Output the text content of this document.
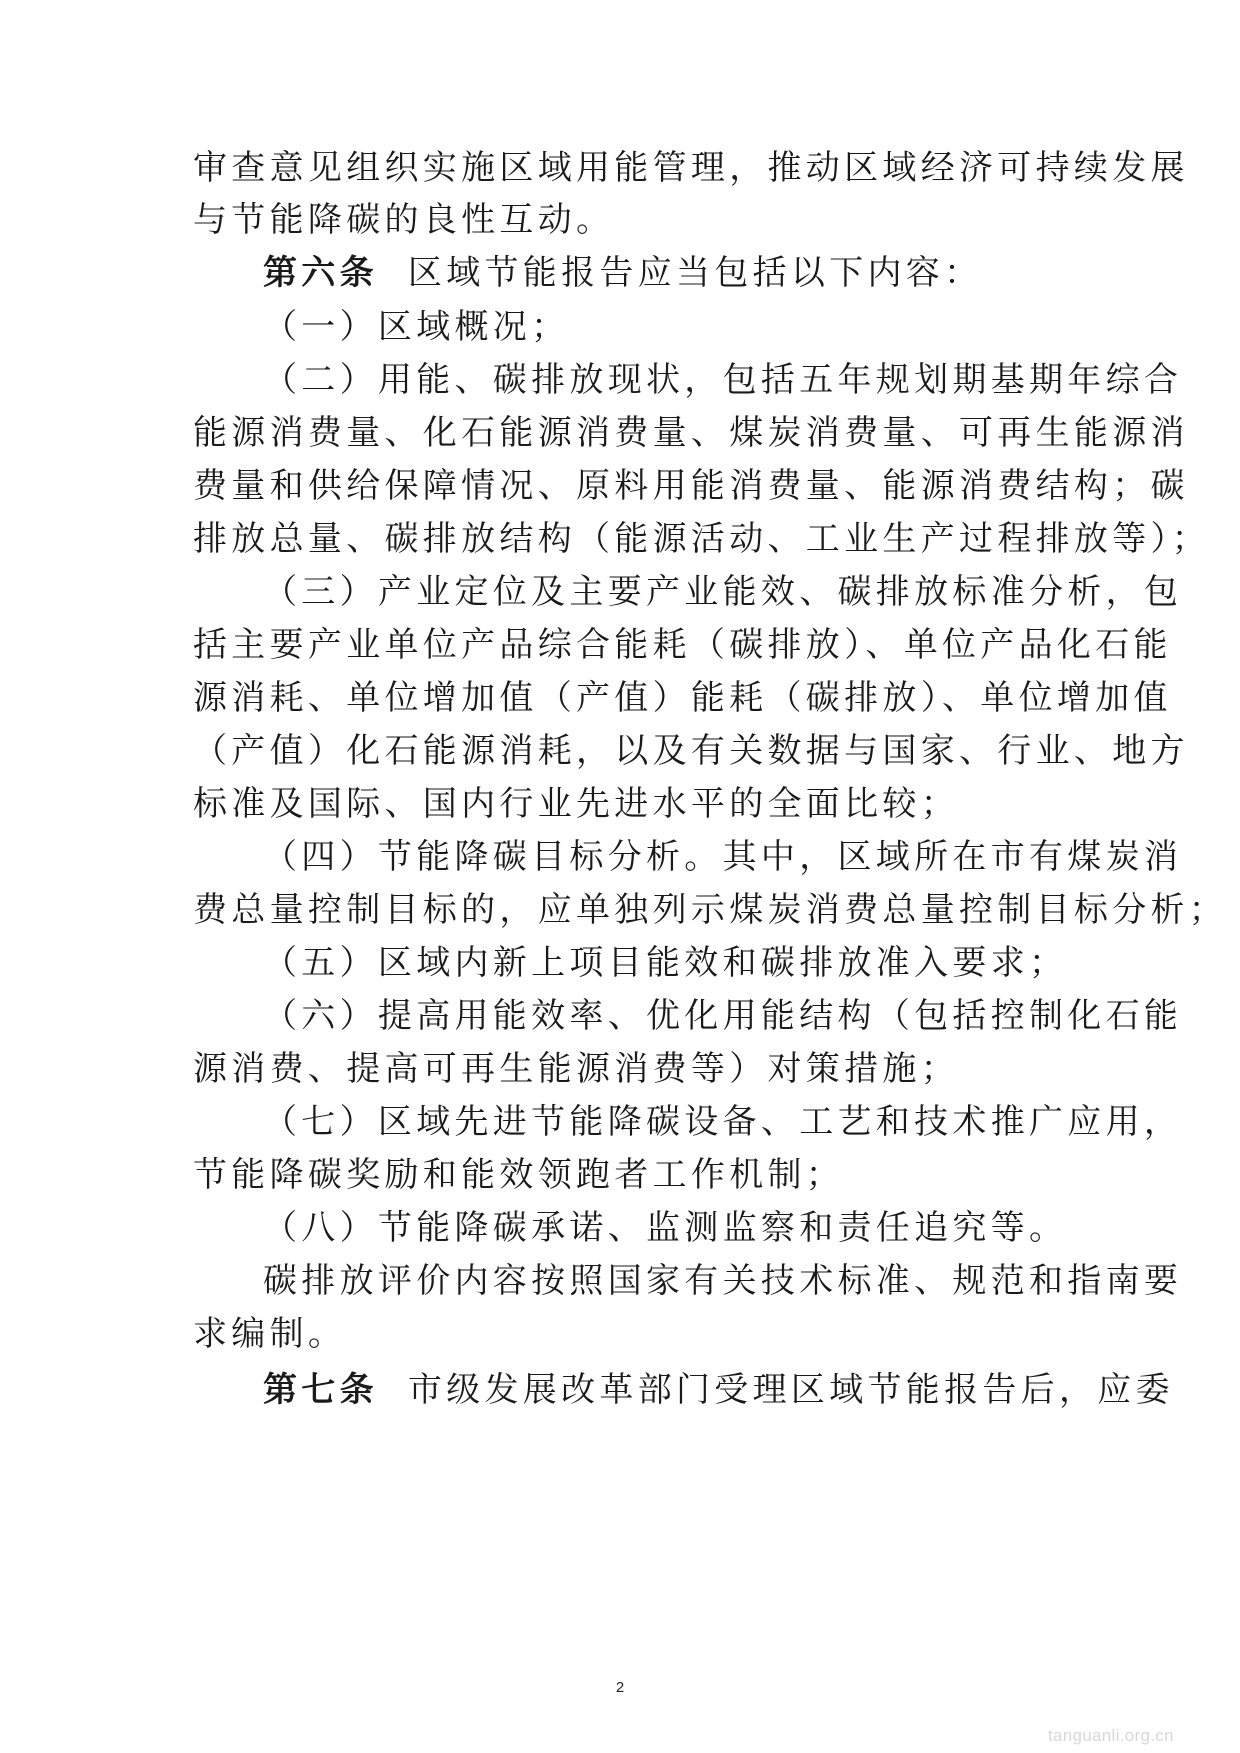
审查意见组织实施区域用能管理，推动区域经济可持续发展
与节能降碳的良性互动。
第六条 区域节能报告应当包括以下内容：
（一）区域概况；
（二）用能、碳排放现状，包括五年规划期基期年综合
能源消费量、化石能源消费量、煤炭消费量、可再生能源消
费量和供给保障情况、原料用能消费量、能源消费结构；碳
排放总量、碳排放结构（能源活动、工业生产过程排放等）；
（三）产业定位及主要产业能效、碳排放标准分析，包
括主要产业单位产品综合能耗（碳排放）、单位产品化石能
源消耗、单位增加值（产值）能耗（碳排放）、单位增加值
（产值）化石能源消耗，以及有关数据与国家、行业、地方
标准及国际、国内行业先进水平的全面比较；
（四）节能降碳目标分析。其中，区域所在市有煤炭消
费总量控制目标的，应单独列示煤炭消费总量控制目标分析；
（五）区域内新上项目能效和碳排放准入要求；
（六）提高用能效率、优化用能结构（包括控制化石能
源消费、提高可再生能源消费等）对策措施；
（七）区域先进节能降碳设备、工艺和技术推广应用，
节能降碳奖励和能效领跑者工作机制；
（八）节能降碳承诺、监测监察和责任追究等。
碳排放评价内容按照国家有关技术标准、规范和指南要
求编制。
第七条 市级发展改革部门受理区域节能报告后，应委
2
tanguanli.org.cn
